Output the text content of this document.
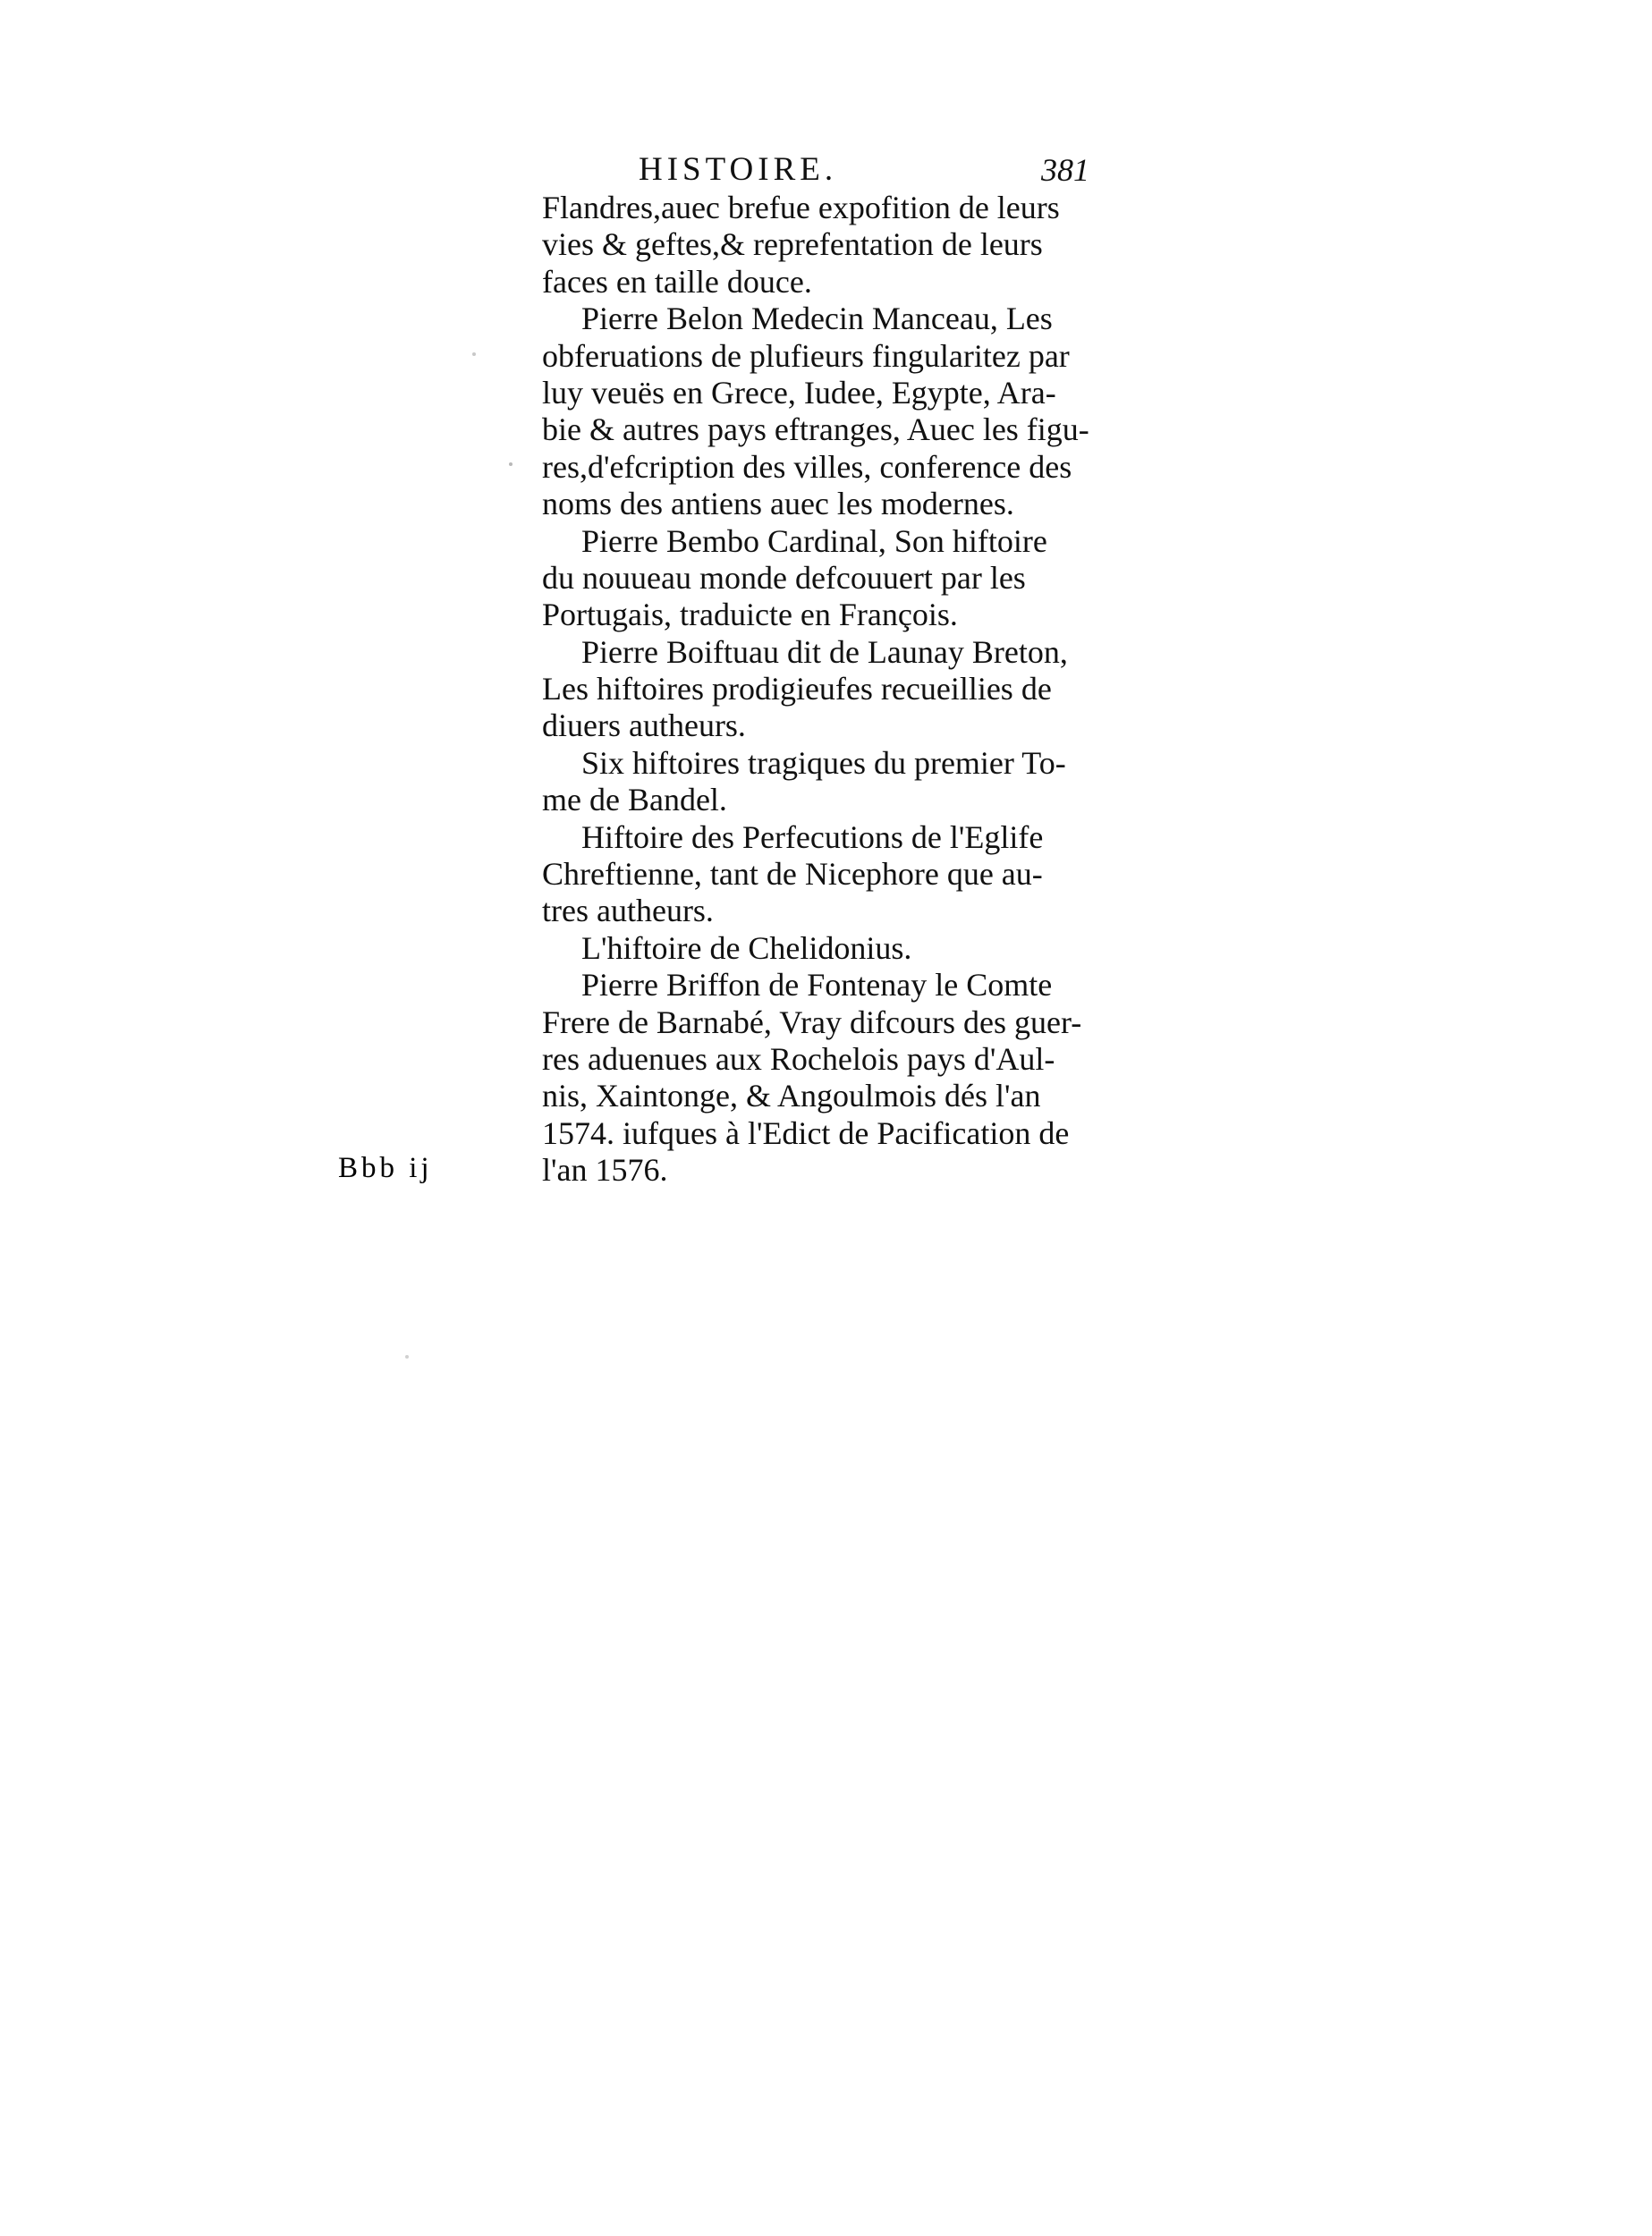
HISTOIRE.	381
Flandres,auec brefue expofition de leurs
vies & geftes,& reprefentation de leurs
faces en taille douce.
Pierre Belon Medecin Manceau, Les
obferuations de plufieurs fingularitez par
luy veuës en Grece, Iudee, Egypte, Ara-
bie & autres pays eftranges, Auec les figu-
res,d'efcription des villes, conference des
noms des antiens auec les modernes.
Pierre Bembo Cardinal, Son hiftoire
du nouueau monde defcouuert par les
Portugais, traduicte en François.
Pierre Boiftuau dit de Launay Breton,
Les hiftoires prodigieufes recueillies de
diuers autheurs.
Six hiftoires tragiques du premier To-
me de Bandel.
Hiftoire des Perfecutions de l'Eglife
Chreftienne, tant de Nicephore que au-
tres autheurs.
L'hiftoire de Chelidonius.
Pierre Briffon de Fontenay le Comte
Frere de Barnabé, Vray difcours des guer-
res aduenues aux Rochelois pays d'Aul-
nis, Xaintonge, & Angoulmois dés l'an
1574. iufques à l'Edict de Pacification de
l'an 1576.
Bbb ij
